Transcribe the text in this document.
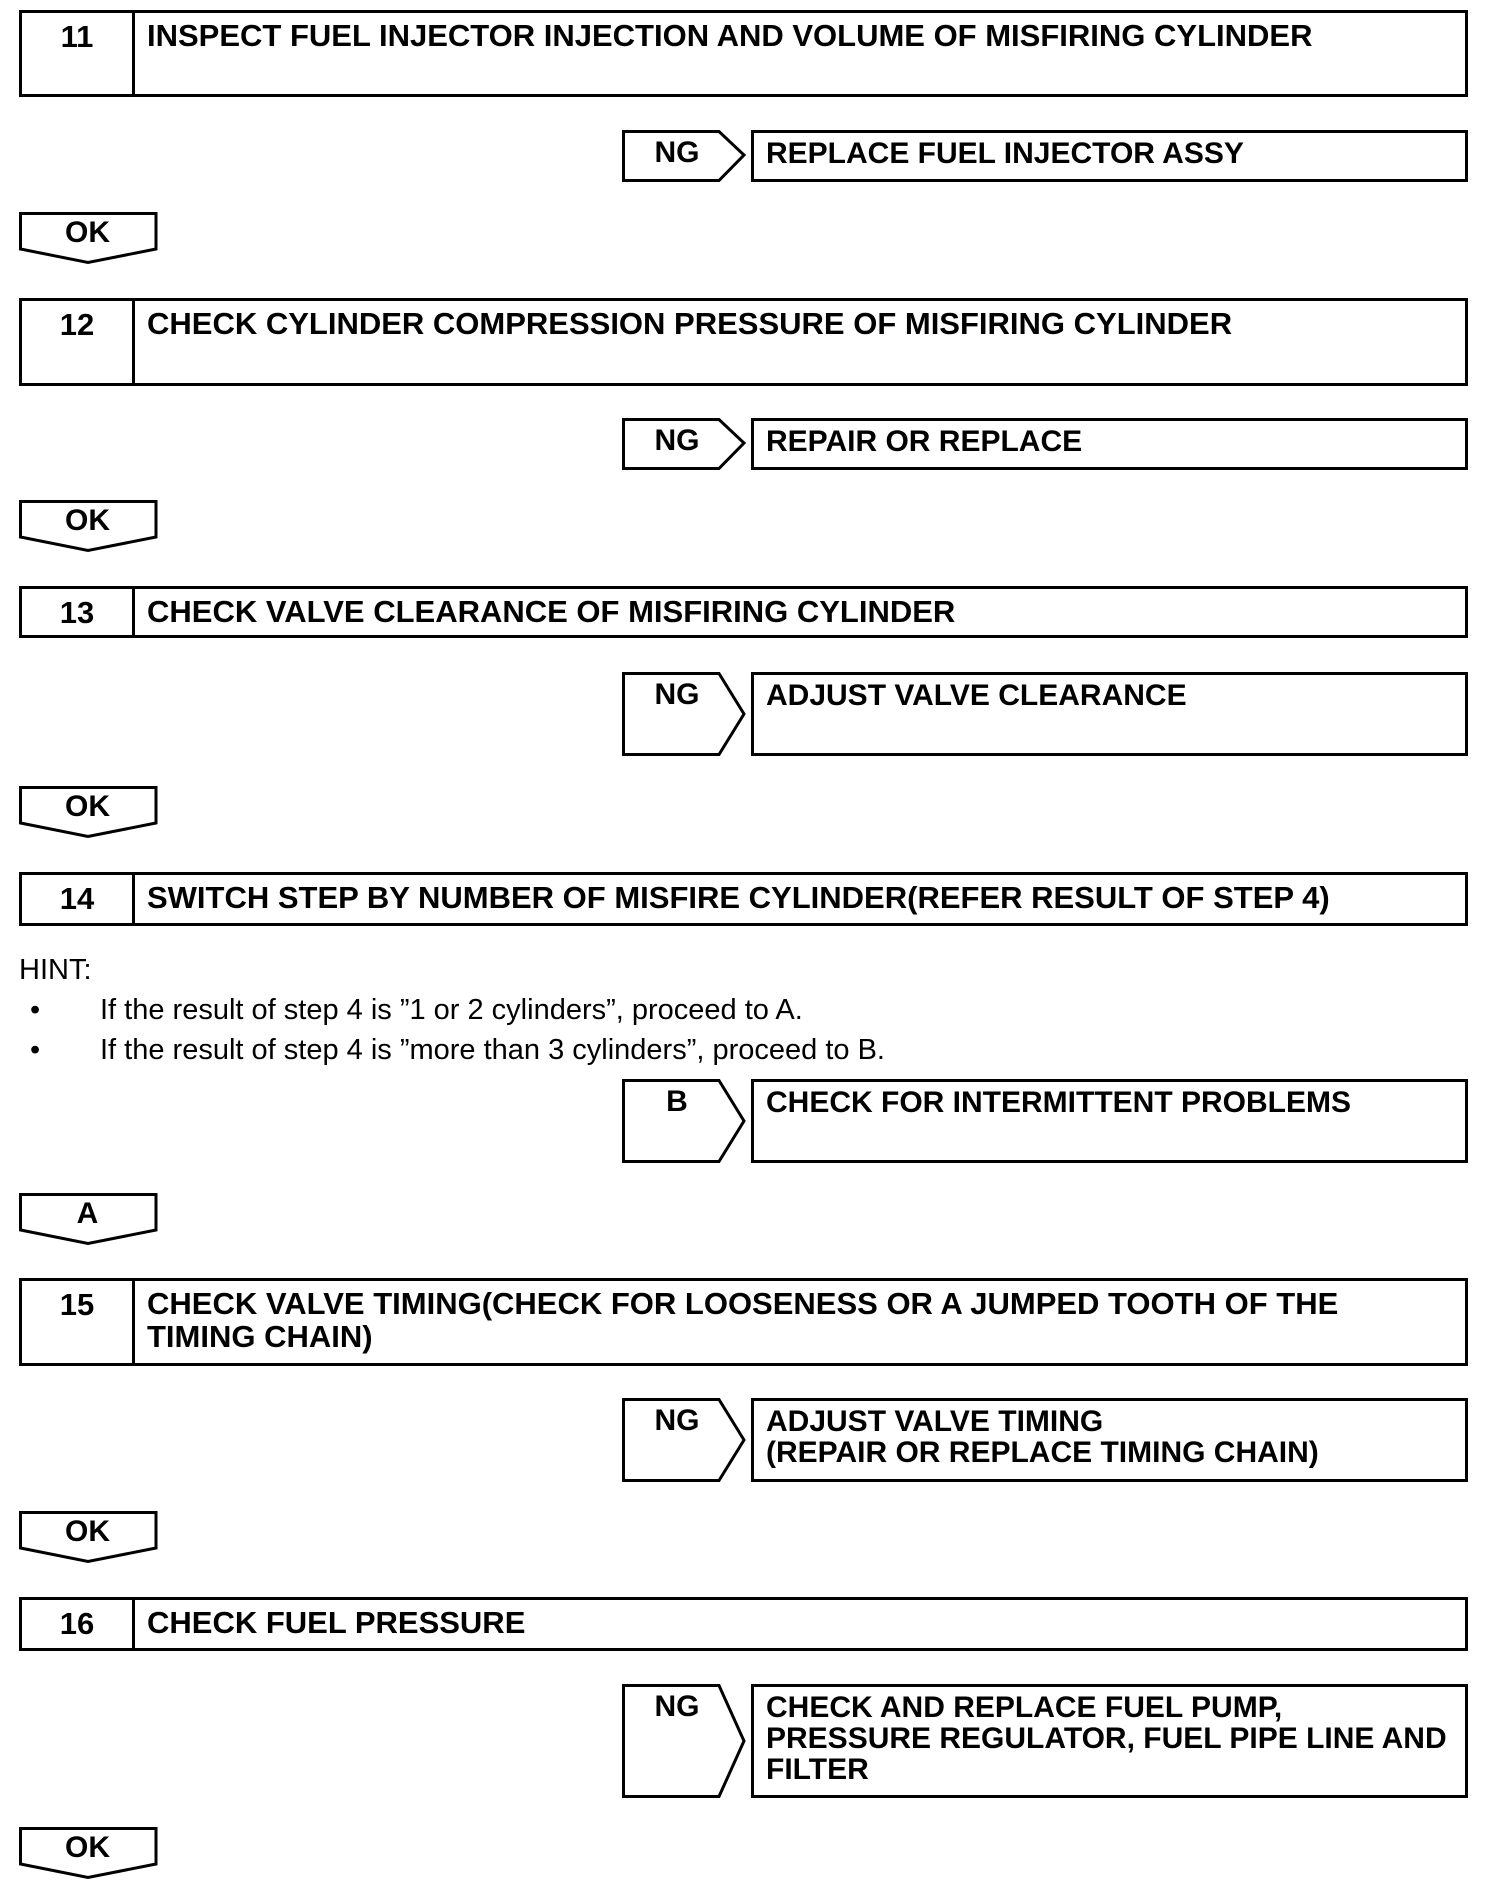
11	INSPECT FUEL INJECTOR INJECTION AND VOLUME OF MISFIRING CYLINDER
NG	REPLACE FUEL INJECTOR ASSY
OK
12	CHECK CYLINDER COMPRESSION PRESSURE OF MISFIRING CYLINDER
NG	REPAIR OR REPLACE
OK
13	CHECK VALVE CLEARANCE OF MISFIRING CYLINDER
NG	ADJUST VALVE CLEARANCE
OK
14	SWITCH STEP BY NUMBER OF MISFIRE CYLINDER(REFER RESULT OF STEP 4)
HINT:
• If the result of step 4 is ”1 or 2 cylinders”, proceed to A.
• If the result of step 4 is ”more than 3 cylinders”, proceed to B.
B	CHECK FOR INTERMITTENT PROBLEMS
A
15	CHECK VALVE TIMING(CHECK FOR LOOSENESS OR A JUMPED TOOTH OF THE TIMING CHAIN)
NG	ADJUST VALVE TIMING
(REPAIR OR REPLACE TIMING CHAIN)
OK
16	CHECK FUEL PRESSURE
NG	CHECK AND REPLACE FUEL PUMP,
PRESSURE REGULATOR, FUEL PIPE LINE AND
FILTER
OK
